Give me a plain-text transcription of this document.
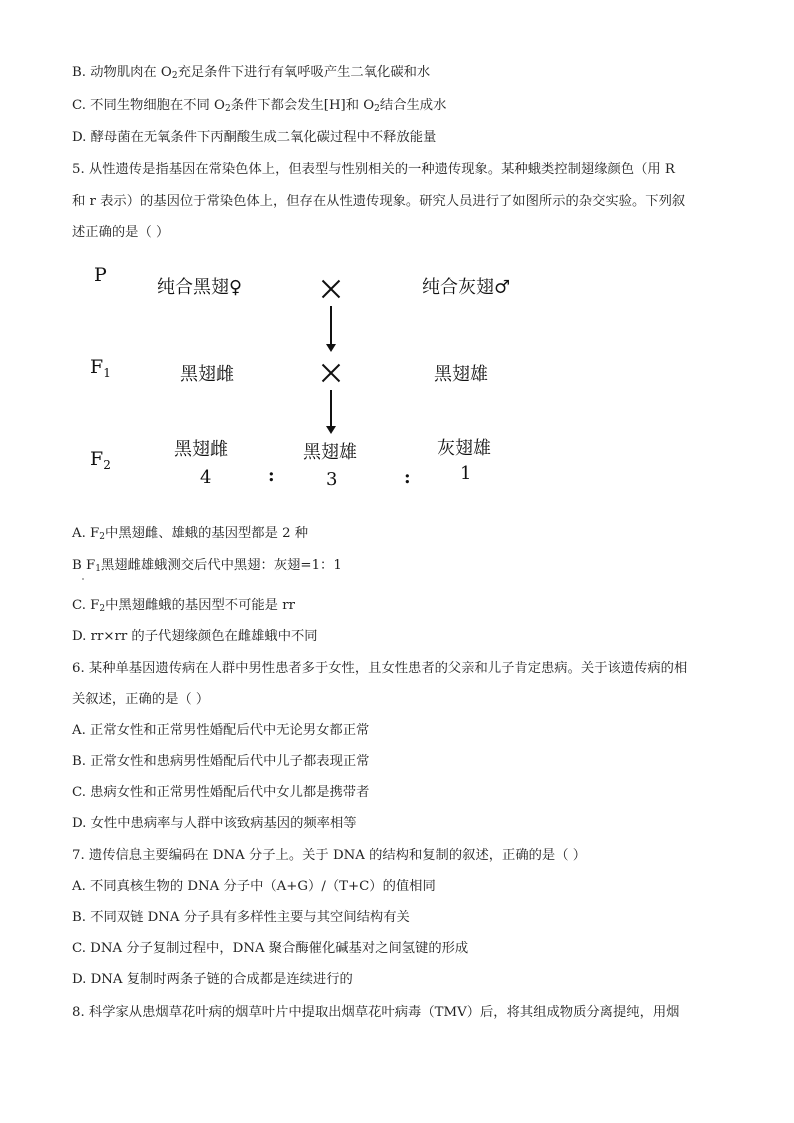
B. 动物肌肉在 $O_2$充足条件下进行有氧呼吸产生二氧化碳和水
C. 不同生物细胞在不同 $O_2$条件下都会发生[H]和 $O_2$结合生成水
D. 酵母菌在无氧条件下丙酮酸生成二氧化碳过程中不释放能量
5. 从性遗传是指基因在常染色体上，但表型与性别相关的一种遗传现象。某种蛾类控制翅缘颜色（用 R
和 r 表示）的基因位于常染色体上，但存在从性遗传现象。研究人员进行了如图所示的杂交实验。下列叙
述正确的是（ ）
P
纯合黑翅♀	纯合灰翅♂
$F_1$	黑翅雌	黑翅雄
$F_2$
黑翅雌	黑翅雄	灰翅雄
4	:	3	:	1
A. $F_2$中黑翅雌、雄蛾的基因型都是 2 种
B $F_1$黑翅雌雄蛾测交后代中黑翅：灰翅=1：1
C. $F_2$中黑翅雌蛾的基因型不可能是 rr
D. rr×rr 的子代翅缘颜色在雌雄蛾中不同
6. 某种单基因遗传病在人群中男性患者多于女性，且女性患者的父亲和儿子肯定患病。关于该遗传病的相
关叙述，正确的是（ ）
A. 正常女性和正常男性婚配后代中无论男女都正常
B. 正常女性和患病男性婚配后代中儿子都表现正常
C. 患病女性和正常男性婚配后代中女儿都是携带者
D. 女性中患病率与人群中该致病基因的频率相等
7. 遗传信息主要编码在 DNA 分子上。关于 DNA 的结构和复制的叙述，正确的是（ ）
A. 不同真核生物的 DNA 分子中（A+G）/（T+C）的值相同
B. 不同双链 DNA 分子具有多样性主要与其空间结构有关
C. DNA 分子复制过程中，DNA 聚合酶催化碱基对之间氢键的形成
D. DNA 复制时两条子链的合成都是连续进行的
8. 科学家从患烟草花叶病的烟草叶片中提取出烟草花叶病毒（TMV）后，将其组成物质分离提纯，用烟
